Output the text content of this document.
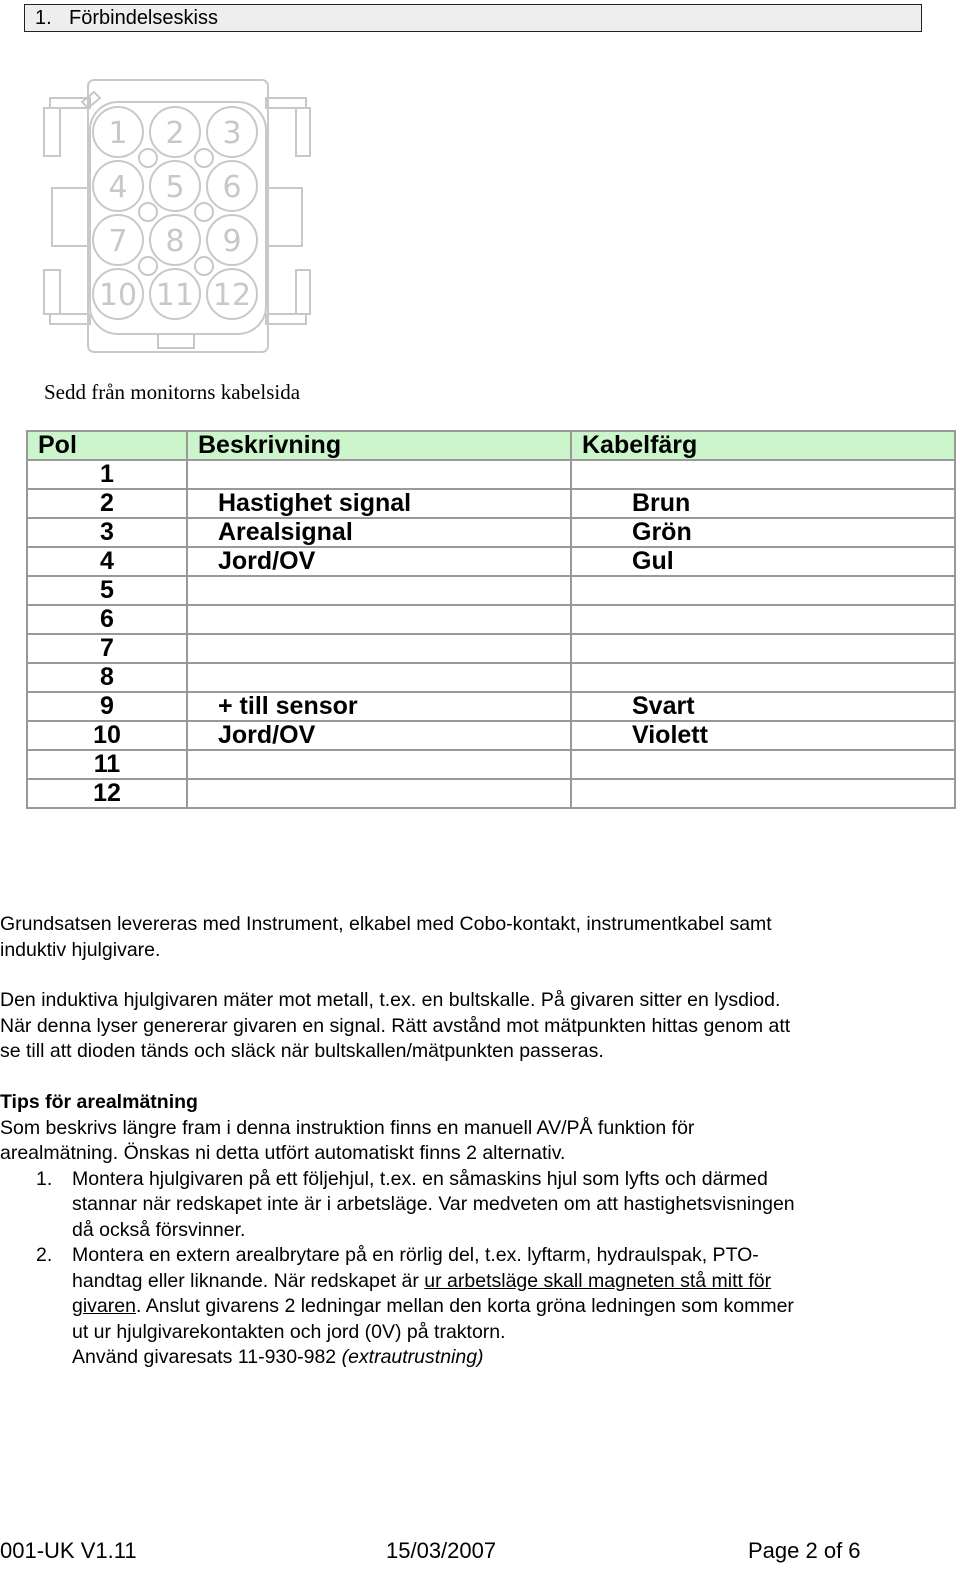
1. Förbindelseskiss
1 2 3
4 5 6
7 8 9
10 11 12
Sedd från monitorns kabelsida
Pol	Beskrivning	Kabelfärg
1		
2	Hastighet signal	Brun
3	Arealsignal	Grön
4	Jord/OV	Gul
5		
6		
7		
8		
9	+ till sensor	Svart
10	Jord/OV	Violett
11		
12		

Grundsatsen levereras med Instrument, elkabel med Cobo-kontakt, instrumentkabel samt

induktiv hjulgivare.

Den induktiva hjulgivaren mäter mot metall, t.ex. en bultskalle. På givaren sitter en lysdiod.

När denna lyser genererar givaren en signal. Rätt avstånd mot mätpunkten hittas genom att

se till att dioden tänds och släck när bultskallen/mätpunkten passeras.

Tips för arealmätning

Som beskrivs längre fram i denna instruktion finns en manuell AV/PÅ funktion för

arealmätning. Önskas ni detta utfört automatiskt finns 2 alternativ.

1. Montera hjulgivaren på ett följehjul, t.ex. en såmaskins hjul som lyfts och därmed

stannar när redskapet inte är i arbetsläge. Var medveten om att hastighetsvisningen

då också försvinner.

2. Montera en extern arealbrytare på en rörlig del, t.ex. lyftarm, hydraulspak, PTO-

handtag eller liknande. När redskapet är ur arbetsläge skall magneten stå mitt för

givaren. Anslut givarens 2 ledningar mellan den korta gröna ledningen som kommer

ut ur hjulgivarekontakten och jord (0V) på traktorn.

Använd givaresats 11-930-982 (extrautrustning)

001-UK V1.11	15/03/2007	Page 2 of 6
